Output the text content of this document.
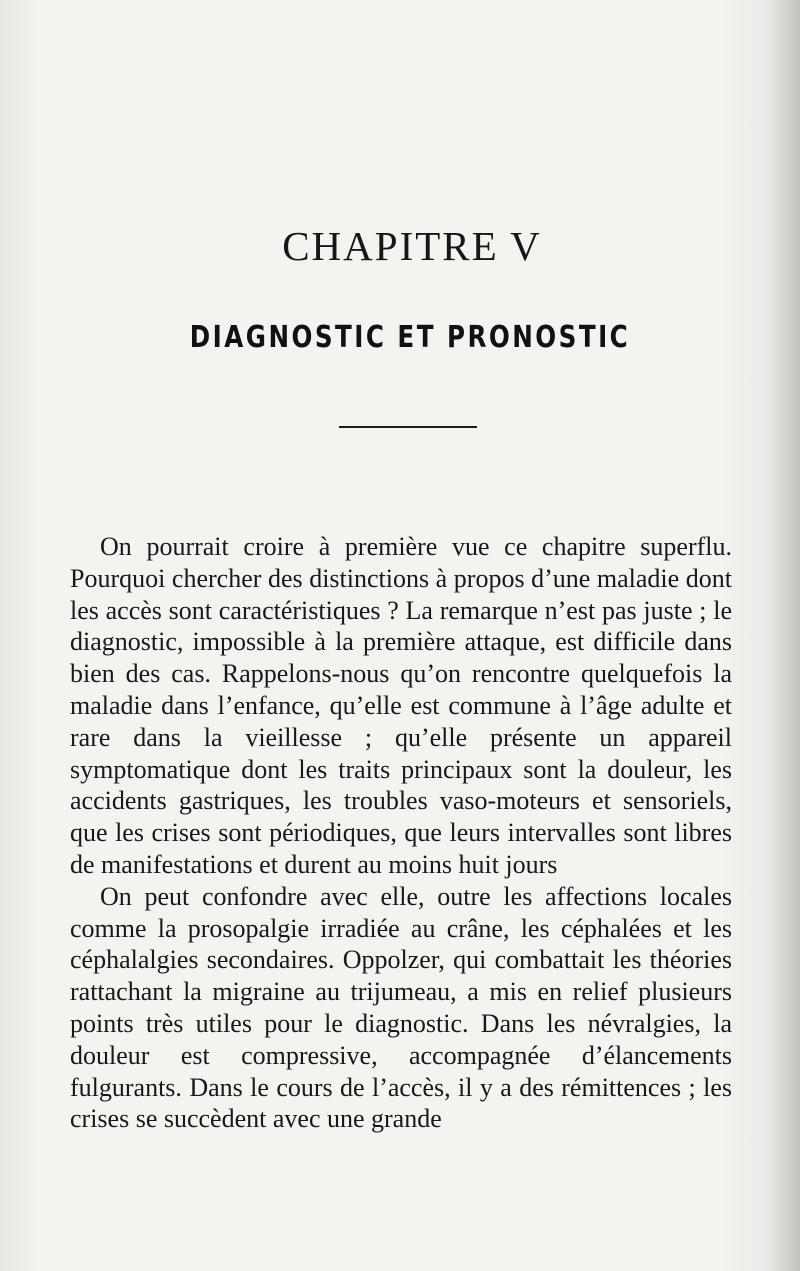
CHAPITRE V
DIAGNOSTIC ET PRONOSTIC

On pourrait croire à première vue ce chapitre superflu. Pourquoi chercher des distinctions à propos d’une maladie dont les accès sont caractéristiques ? La remarque n’est pas juste ; le diagnostic, impossible à la première attaque, est difficile dans bien des cas. Rappelons-nous qu’on rencontre quelquefois la maladie dans l’enfance, qu’elle est commune à l’âge adulte et rare dans la vieillesse ; qu’elle présente un appareil symptomatique dont les traits principaux sont la douleur, les accidents gastriques, les troubles vaso-moteurs et sensoriels, que les crises sont périodiques, que leurs intervalles sont libres de manifestations et durent au moins huit jours

On peut confondre avec elle, outre les affections locales comme la prosopalgie irradiée au crâne, les céphalées et les céphalalgies secondaires. Oppolzer, qui combattait les théories rattachant la migraine au trijumeau, a mis en relief plusieurs points très utiles pour le diagnostic. Dans les névralgies, la douleur est compressive, accompagnée d’élancements fulgurants. Dans le cours de l’accès, il y a des rémittences ; les crises se succèdent avec une grande
